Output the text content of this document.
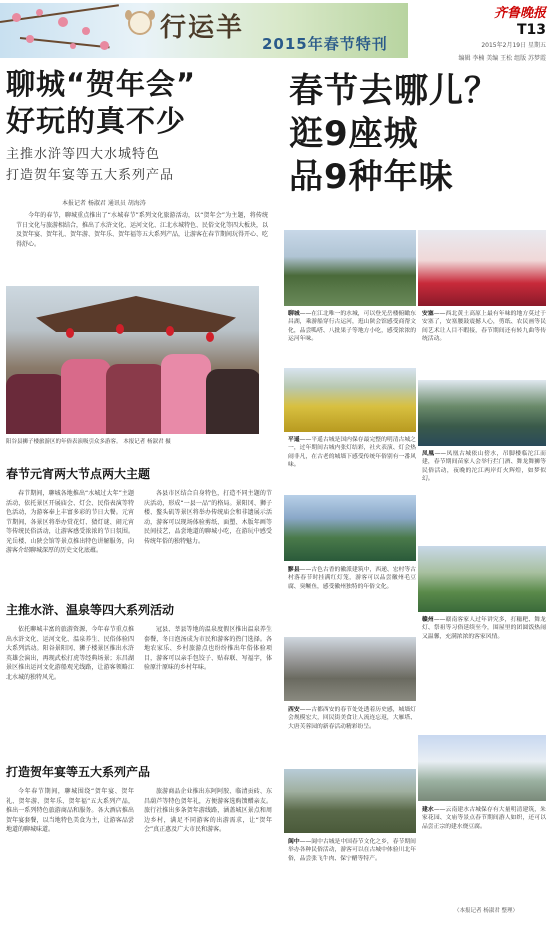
行运羊
2015年春节特刊
齐鲁晚报
T13
2015年2月19日 星期五
编辑 李楠 美编 王松 组版 苏梦霞
聊城“贺年会”
好玩的真不少
主推水浒等四大水城特色
打造贺年宴等五大系列产品
本报记者 杨淑君 通讯员 胡海涛
今年的春节，聊城重点推出了“水城春节”系列文化旅游活动，以“贺年会”为主题，将传统节日文化与旅游相结合，推出了水浒文化、运河文化、江北水城特色、民俗文化等四大板块，以及贺年宴、贺年礼、贺年游、贺年乐、贺年福等五大系列产品，让游客在春节期间玩得开心、吃得舒心。
阳谷县狮子楼旅游区的年俗表演吸引众多游客。 本报记者 杨淑君 摄
春节元宵两大节点两大主题
春节期间，聊城各地推出“水城过大年”主题活动，依托景区开展庙会、灯会、民俗表演等特色活动，为游客奉上丰富多彩的节日大餐。元宵节期间，各景区将举办赏花灯、猜灯谜、闹元宵等传统民俗活动，让游客感受浓浓的节日氛围。光岳楼、山陕会馆等景点推出特色讲解服务，向游客介绍聊城深厚的历史文化底蕴。
各县市区结合自身特色，打造不同主题的节庆活动，形成“一县一品”的格局。景阳冈、狮子楼、鳌头矶等景区将举办传统庙会和非遗展示活动，游客可以现场体验剪纸、面塑、木版年画等民间技艺，品尝地道的聊城小吃，在游玩中感受传统年俗的独特魅力。
主推水浒、温泉等四大系列活动
依托聊城丰富的旅游资源，今年春节重点推出水浒文化、运河文化、温泉养生、民俗体验四大系列活动。阳谷景阳冈、狮子楼景区推出水浒英雄会演出，再现武松打虎等经典场景；东昌湖景区推出运河文化游船观光线路，让游客领略江北水城的独特风光。
冠县、莘县等地的温泉度假区推出温泉养生套餐，冬日泡汤成为市民和游客的热门选择。各地农家乐、乡村旅游点也纷纷推出年俗体验项目，游客可以亲手包饺子、贴春联、写福字，体验原汁原味的乡村年味。
打造贺年宴等五大系列产品
今年春节期间，聊城围绕“贺年宴、贺年礼、贺年游、贺年乐、贺年福”五大系列产品，推出一系列特色旅游商品和服务。各大酒店推出贺年宴套餐，以当地特色美食为主，让游客品尝地道的聊城味道。
旅游商品企业推出东阿阿胶、临清贡砖、东昌葫芦等特色贺年礼，方便游客选购馈赠亲友。旅行社推出多条贺年游线路，涵盖城区景点和周边乡村，满足不同游客的出游需求，让“贺年会”真正惠及广大市民和游客。
春节去哪儿？
逛9座城
品9种年味
聊城——在江北唯一的水城，可以登光岳楼俯瞰东昌湖，乘游船穿行古运河，逛山陕会馆感受商帮文化，品尝呱嗒、八批果子等地方小吃，感受浓浓的运河年味。
安塞——西北黄土高原上最有年味的地方莫过于安塞了，安塞腰鼓震撼人心，剪纸、农民画等民间艺术让人目不暇接，春节期间还有转九曲等传统活动。
平遥——平遥古城是国内保存最完整的明清古城之一，过年期间古城内张灯结彩，社火表演、灯会热闹非凡，在古老的城墙下感受传统年俗别有一番风味。
凤凰——凤凰古城依山傍水，吊脚楼临沱江而建，春节期间苗家人会举行拦门酒、舞龙舞狮等民俗活动，夜晚的沱江两岸灯火辉煌，如梦似幻。
黟县——古色古香的徽派建筑中，西递、宏村等古村落春节时挂满红灯笼，游客可以品尝徽州毛豆腐、臭鳜鱼，感受徽州独特的年俗文化。
赣州——赣南客家人过年讲究多，打糍粑、舞龙灯、祭祖等习俗延续至今，围屋里的团圆饭热闹又温馨，充满浓浓的客家风情。
西安——古都西安的春节处处透着历史感，城墙灯会规模宏大，回民街美食让人流连忘返，大雁塔、大唐芙蓉园的新春活动精彩纷呈。
建水——云南建水古城保存有大量明清建筑，朱家花园、文庙等景点春节期间游人如织，还可以品尝正宗的建水烧豆腐。
阆中——阆中古城是中国春节文化之乡，春节期间举办各种民俗活动，游客可以在古城中体验川北年俗，品尝张飞牛肉、保宁醋等特产。
（本报记者 杨淑君 整理）
